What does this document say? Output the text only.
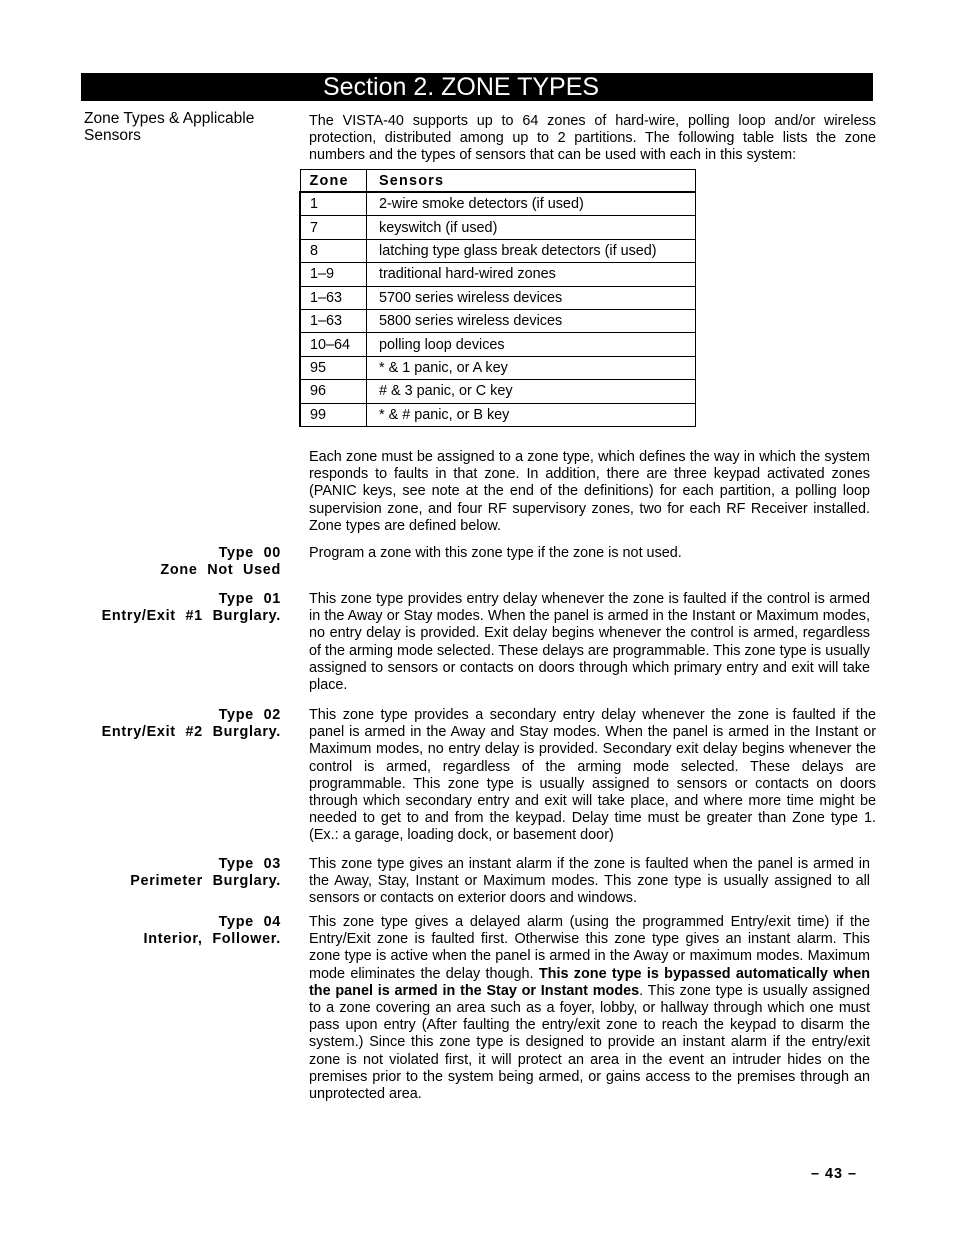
Section 2. ZONE TYPES
Zone Types & Applicable Sensors
The VISTA-40 supports up to 64 zones of hard-wire, polling loop and/or wireless protection, distributed among up to 2 partitions. The following table lists the zone numbers and the types of sensors that can be used with each in this system:
Zone	Sensors
1	2-wire smoke detectors (if used)
7	keyswitch (if used)
8	latching type glass break detectors (if used)
1–9	traditional hard-wired zones
1–63	5700 series wireless devices
1–63	5800 series wireless devices
10–64	polling loop devices
95	* & 1 panic, or A key
96	# & 3 panic, or C key
99	* & # panic, or B key
Each zone must be assigned to a zone type, which defines the way in which the system responds to faults in that zone. In addition, there are three keypad activated zones (PANIC keys, see note at the end of the definitions) for each partition, a polling loop supervision zone, and four RF supervisory zones, two for each RF Receiver installed. Zone types are defined below.
Type 00
Zone Not Used
Program a zone with this zone type if the zone is not used.
Type 01
Entry/Exit #1 Burglary.
This zone type provides entry delay whenever the zone is faulted if the control is armed in the Away or Stay modes. When the panel is armed in the Instant or Maximum modes, no entry delay is provided. Exit delay begins whenever the control is armed, regardless of the arming mode selected. These delays are programmable. This zone type is usually assigned to sensors or contacts on doors through which primary entry and exit will take place.
Type 02
Entry/Exit #2 Burglary.
This zone type provides a secondary entry delay whenever the zone is faulted if the panel is armed in the Away and Stay modes. When the panel is armed in the Instant or Maximum modes, no entry delay is provided. Secondary exit delay begins whenever the control is armed, regardless of the arming mode selected. These delays are programmable. This zone type is usually assigned to sensors or contacts on doors through which secondary entry and exit will take place, and where more time might be needed to get to and from the keypad. Delay time must be greater than Zone type 1. (Ex.: a garage, loading dock, or basement door)
Type 03
Perimeter Burglary.
This zone type gives an instant alarm if the zone is faulted when the panel is armed in the Away, Stay, Instant or Maximum modes. This zone type is usually assigned to all sensors or contacts on exterior doors and windows.
Type 04
Interior, Follower.
This zone type gives a delayed alarm (using the programmed Entry/exit time) if the Entry/Exit zone is faulted first. Otherwise this zone type gives an instant alarm. This zone type is active when the panel is armed in the Away or maximum modes. Maximum mode eliminates the delay though. This zone type is bypassed automatically when the panel is armed in the Stay or Instant modes. This zone type is usually assigned to a zone covering an area such as a foyer, lobby, or hallway through which one must pass upon entry (After faulting the entry/exit zone to reach the keypad to disarm the system.) Since this zone type is designed to provide an instant alarm if the entry/exit zone is not violated first, it will protect an area in the event an intruder hides on the premises prior to the system being armed, or gains access to the premises through an unprotected area.
– 43 –
